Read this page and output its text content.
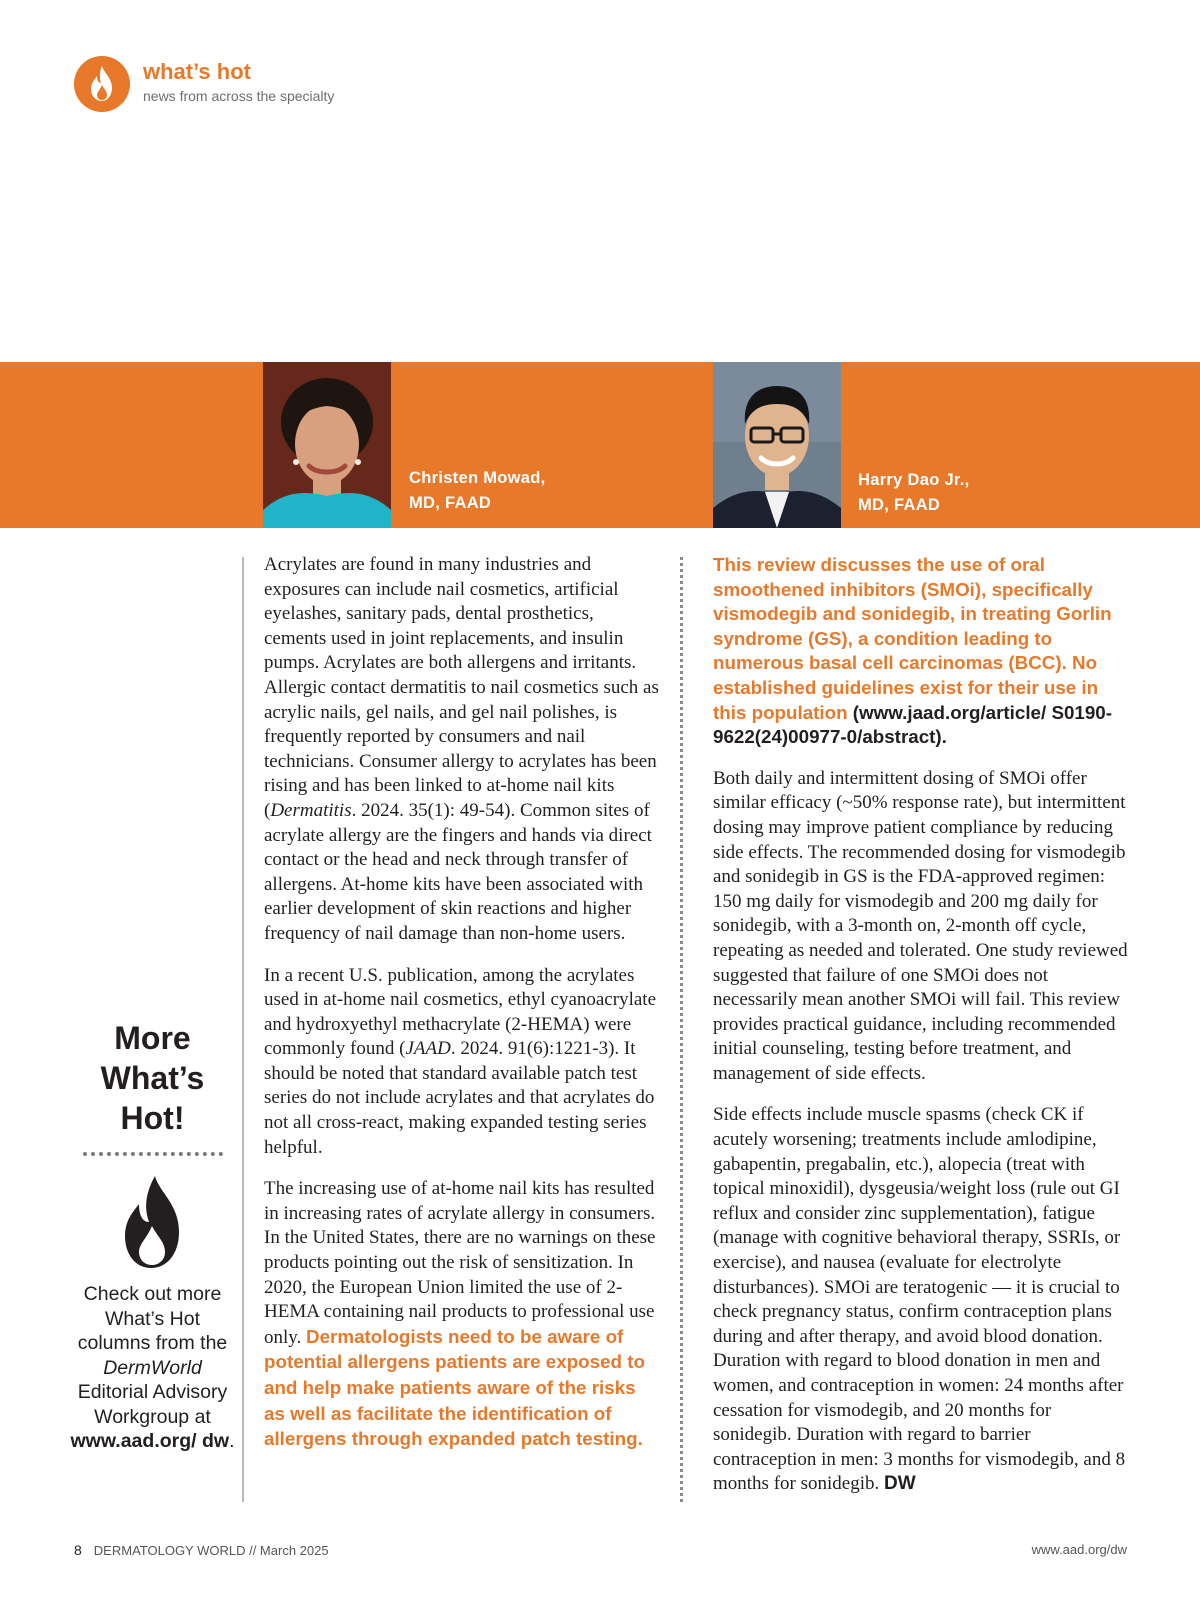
what’s hot
news from across the specialty
Christen Mowad,
MD, FAAD
Harry Dao Jr.,
MD, FAAD
More
What’s
Hot!
Check out more What’s Hot columns from the DermWorld Editorial Advisory Workgroup at www.aad.org/ dw.

Acrylates are found in many industries and exposures can include nail cosmetics, artificial eyelashes, sanitary pads, dental prosthetics, cements used in joint replacements, and insulin pumps. Acrylates are both allergens and irritants. Allergic contact dermatitis to nail cosmetics such as acrylic nails, gel nails, and gel nail polishes, is frequently reported by consumers and nail technicians. Consumer allergy to acrylates has been rising and has been linked to at-home nail kits (Dermatitis. 2024. 35(1): 49-54). Common sites of acrylate allergy are the fingers and hands via direct contact or the head and neck through transfer of allergens. At-home kits have been associated with earlier development of skin reactions and higher frequency of nail damage than non-home users.

In a recent U.S. publication, among the acrylates used in at-home nail cosmetics, ethyl cyanoacrylate and hydroxyethyl methacrylate (2-HEMA) were commonly found (JAAD. 2024. 91(6):1221-3). It should be noted that standard available patch test series do not include acrylates and that acrylates do not all cross-react, making expanded testing series helpful.

The increasing use of at-home nail kits has resulted in increasing rates of acrylate allergy in consumers. In the United States, there are no warnings on these products pointing out the risk of sensitization. In 2020, the European Union limited the use of 2-HEMA containing nail products to professional use only. Dermatologists need to be aware of potential allergens patients are exposed to and help make patients aware of the risks as well as facilitate the identification of allergens through expanded patch testing.

This review discusses the use of oral smoothened inhibitors (SMOi), specifically vismodegib and sonidegib, in treating Gorlin syndrome (GS), a condition leading to numerous basal cell carcinomas (BCC). No established guidelines exist for their use in this population (www.jaad.org/article/ S0190-9622(24)00977-0/abstract).

Both daily and intermittent dosing of SMOi offer similar efficacy (~50% response rate), but intermittent dosing may improve patient compliance by reducing side effects. The recommended dosing for vismodegib and sonidegib in GS is the FDA-approved regimen: 150 mg daily for vismodegib and 200 mg daily for sonidegib, with a 3-month on, 2-month off cycle, repeating as needed and tolerated. One study reviewed suggested that failure of one SMOi does not necessarily mean another SMOi will fail. This review provides practical guidance, including recommended initial counseling, testing before treatment, and management of side effects.

Side effects include muscle spasms (check CK if acutely worsening; treatments include amlodipine, gabapentin, pregabalin, etc.), alopecia (treat with topical minoxidil), dysgeusia/weight loss (rule out GI reflux and consider zinc supplementation), fatigue (manage with cognitive behavioral therapy, SSRIs, or exercise), and nausea (evaluate for electrolyte disturbances). SMOi are teratogenic — it is crucial to check pregnancy status, confirm contraception plans during and after therapy, and avoid blood donation. Duration with regard to blood donation in men and women, and contraception in women: 24 months after cessation for vismodegib, and 20 months for sonidegib. Duration with regard to barrier contraception in men: 3 months for vismodegib, and 8 months for sonidegib. DW

8 DERMATOLOGY WORLD // March 2025	www.aad.org/dw
